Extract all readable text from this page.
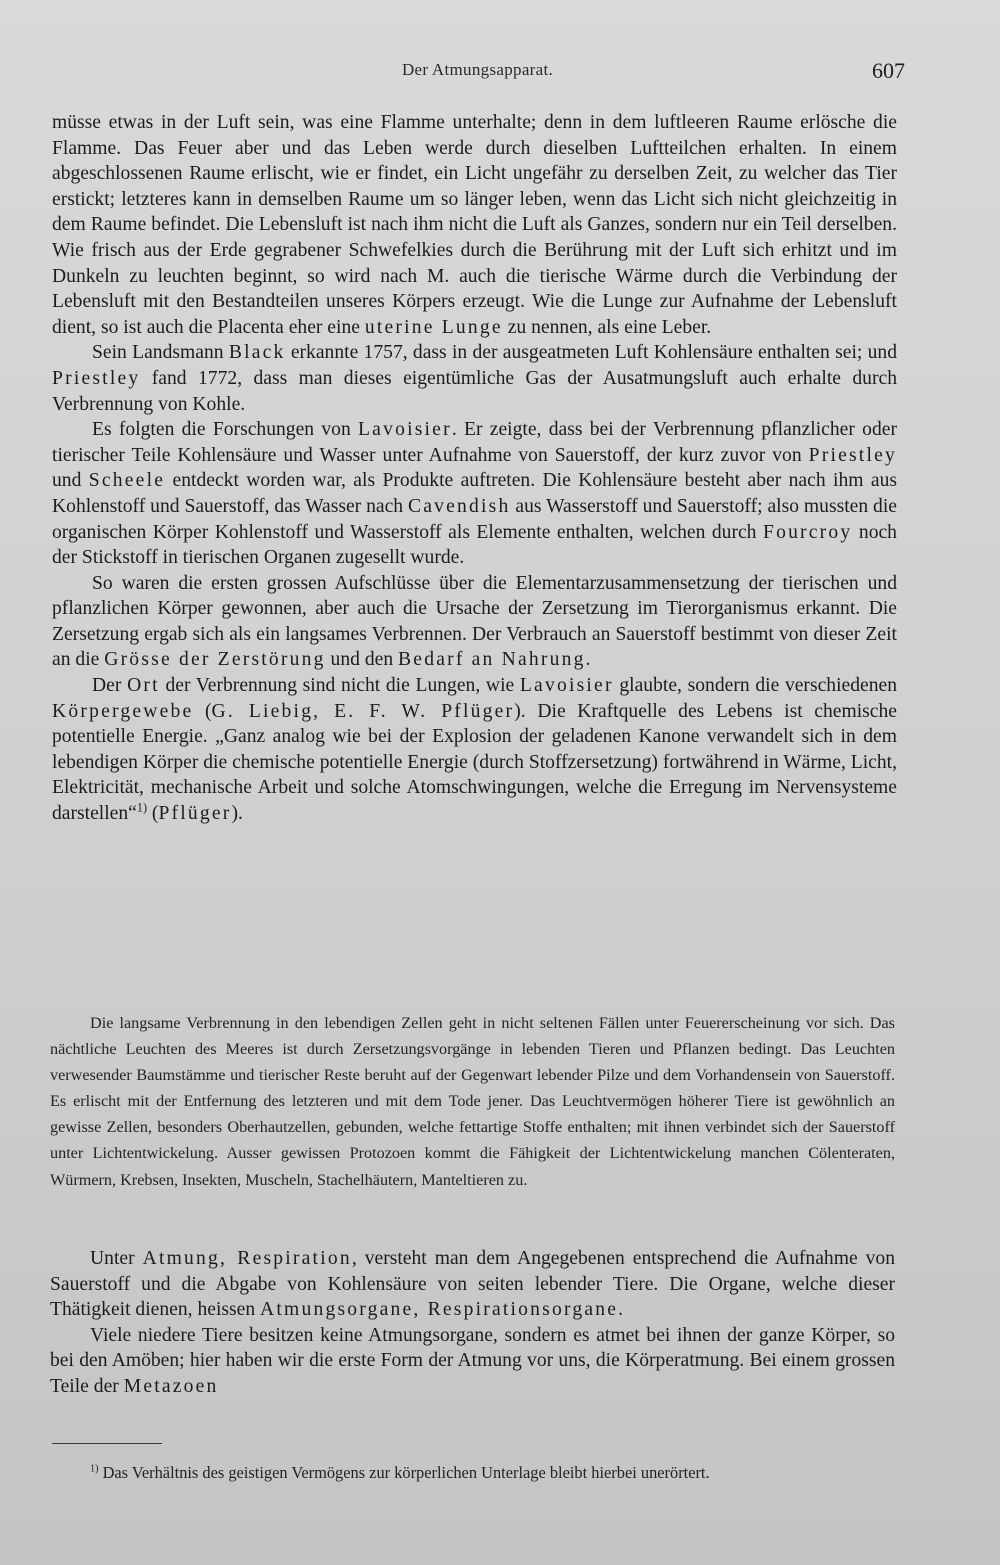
Der Atmungsapparat.	607

müsse etwas in der Luft sein, was eine Flamme unterhalte; denn in dem luftleeren Raume erlösche die Flamme. Das Feuer aber und das Leben werde durch dieselben Luftteilchen erhalten. In einem abgeschlossenen Raume erlischt, wie er findet, ein Licht ungefähr zu derselben Zeit, zu welcher das Tier erstickt; letzteres kann in demselben Raume um so länger leben, wenn das Licht sich nicht gleichzeitig in dem Raume befindet. Die Lebensluft ist nach ihm nicht die Luft als Ganzes, sondern nur ein Teil derselben. Wie frisch aus der Erde gegrabener Schwefelkies durch die Berührung mit der Luft sich erhitzt und im Dunkeln zu leuchten beginnt, so wird nach M. auch die tierische Wärme durch die Verbindung der Lebensluft mit den Bestandteilen unseres Körpers erzeugt. Wie die Lunge zur Aufnahme der Lebensluft dient, so ist auch die Placenta eher eine uterine Lunge zu nennen, als eine Leber.

Sein Landsmann Black erkannte 1757, dass in der ausgeatmeten Luft Kohlensäure enthalten sei; und Priestley fand 1772, dass man dieses eigentümliche Gas der Ausatmungsluft auch erhalte durch Verbrennung von Kohle.

Es folgten die Forschungen von Lavoisier. Er zeigte, dass bei der Verbrennung pflanzlicher oder tierischer Teile Kohlensäure und Wasser unter Aufnahme von Sauerstoff, der kurz zuvor von Priestley und Scheele entdeckt worden war, als Produkte auftreten. Die Kohlensäure besteht aber nach ihm aus Kohlenstoff und Sauerstoff, das Wasser nach Cavendish aus Wasserstoff und Sauerstoff; also mussten die organischen Körper Kohlenstoff und Wasserstoff als Elemente enthalten, welchen durch Fourcroy noch der Stickstoff in tierischen Organen zugesellt wurde.

So waren die ersten grossen Aufschlüsse über die Elementarzusammensetzung der tierischen und pflanzlichen Körper gewonnen, aber auch die Ursache der Zersetzung im Tierorganismus erkannt. Die Zersetzung ergab sich als ein langsames Verbrennen. Der Verbrauch an Sauerstoff bestimmt von dieser Zeit an die Grösse der Zerstörung und den Bedarf an Nahrung.

Der Ort der Verbrennung sind nicht die Lungen, wie Lavoisier glaubte, sondern die verschiedenen Körpergewebe (G. Liebig, E. F. W. Pflüger). Die Kraftquelle des Lebens ist chemische potentielle Energie. „Ganz analog wie bei der Explosion der geladenen Kanone verwandelt sich in dem lebendigen Körper die chemische potentielle Energie (durch Stoffzersetzung) fortwährend in Wärme, Licht, Elektricität, mechanische Arbeit und solche Atomschwingungen, welche die Erregung im Nervensysteme darstellen“$^{1)}$ (Pflüger).

Die langsame Verbrennung in den lebendigen Zellen geht in nicht seltenen Fällen unter Feuererscheinung vor sich. Das nächtliche Leuchten des Meeres ist durch Zersetzungsvorgänge in lebenden Tieren und Pflanzen bedingt. Das Leuchten verwesender Baumstämme und tierischer Reste beruht auf der Gegenwart lebender Pilze und dem Vorhandensein von Sauerstoff. Es erlischt mit der Entfernung des letzteren und mit dem Tode jener. Das Leuchtvermögen höherer Tiere ist gewöhnlich an gewisse Zellen, besonders Oberhautzellen, gebunden, welche fettartige Stoffe enthalten; mit ihnen verbindet sich der Sauerstoff unter Lichtentwickelung. Ausser gewissen Protozoen kommt die Fähigkeit der Lichtentwickelung manchen Cölenteraten, Würmern, Krebsen, Insekten, Muscheln, Stachelhäutern, Manteltieren zu.

Unter Atmung, Respiration, versteht man dem Angegebenen entsprechend die Aufnahme von Sauerstoff und die Abgabe von Kohlensäure von seiten lebender Tiere. Die Organe, welche dieser Thätigkeit dienen, heissen Atmungsorgane, Respirationsorgane.

Viele niedere Tiere besitzen keine Atmungsorgane, sondern es atmet bei ihnen der ganze Körper, so bei den Amöben; hier haben wir die erste Form der Atmung vor uns, die Körperatmung. Bei einem grossen Teile der Metazoen

$^{1)}$ Das Verhältnis des geistigen Vermögens zur körperlichen Unterlage bleibt hierbei unerörtert.
